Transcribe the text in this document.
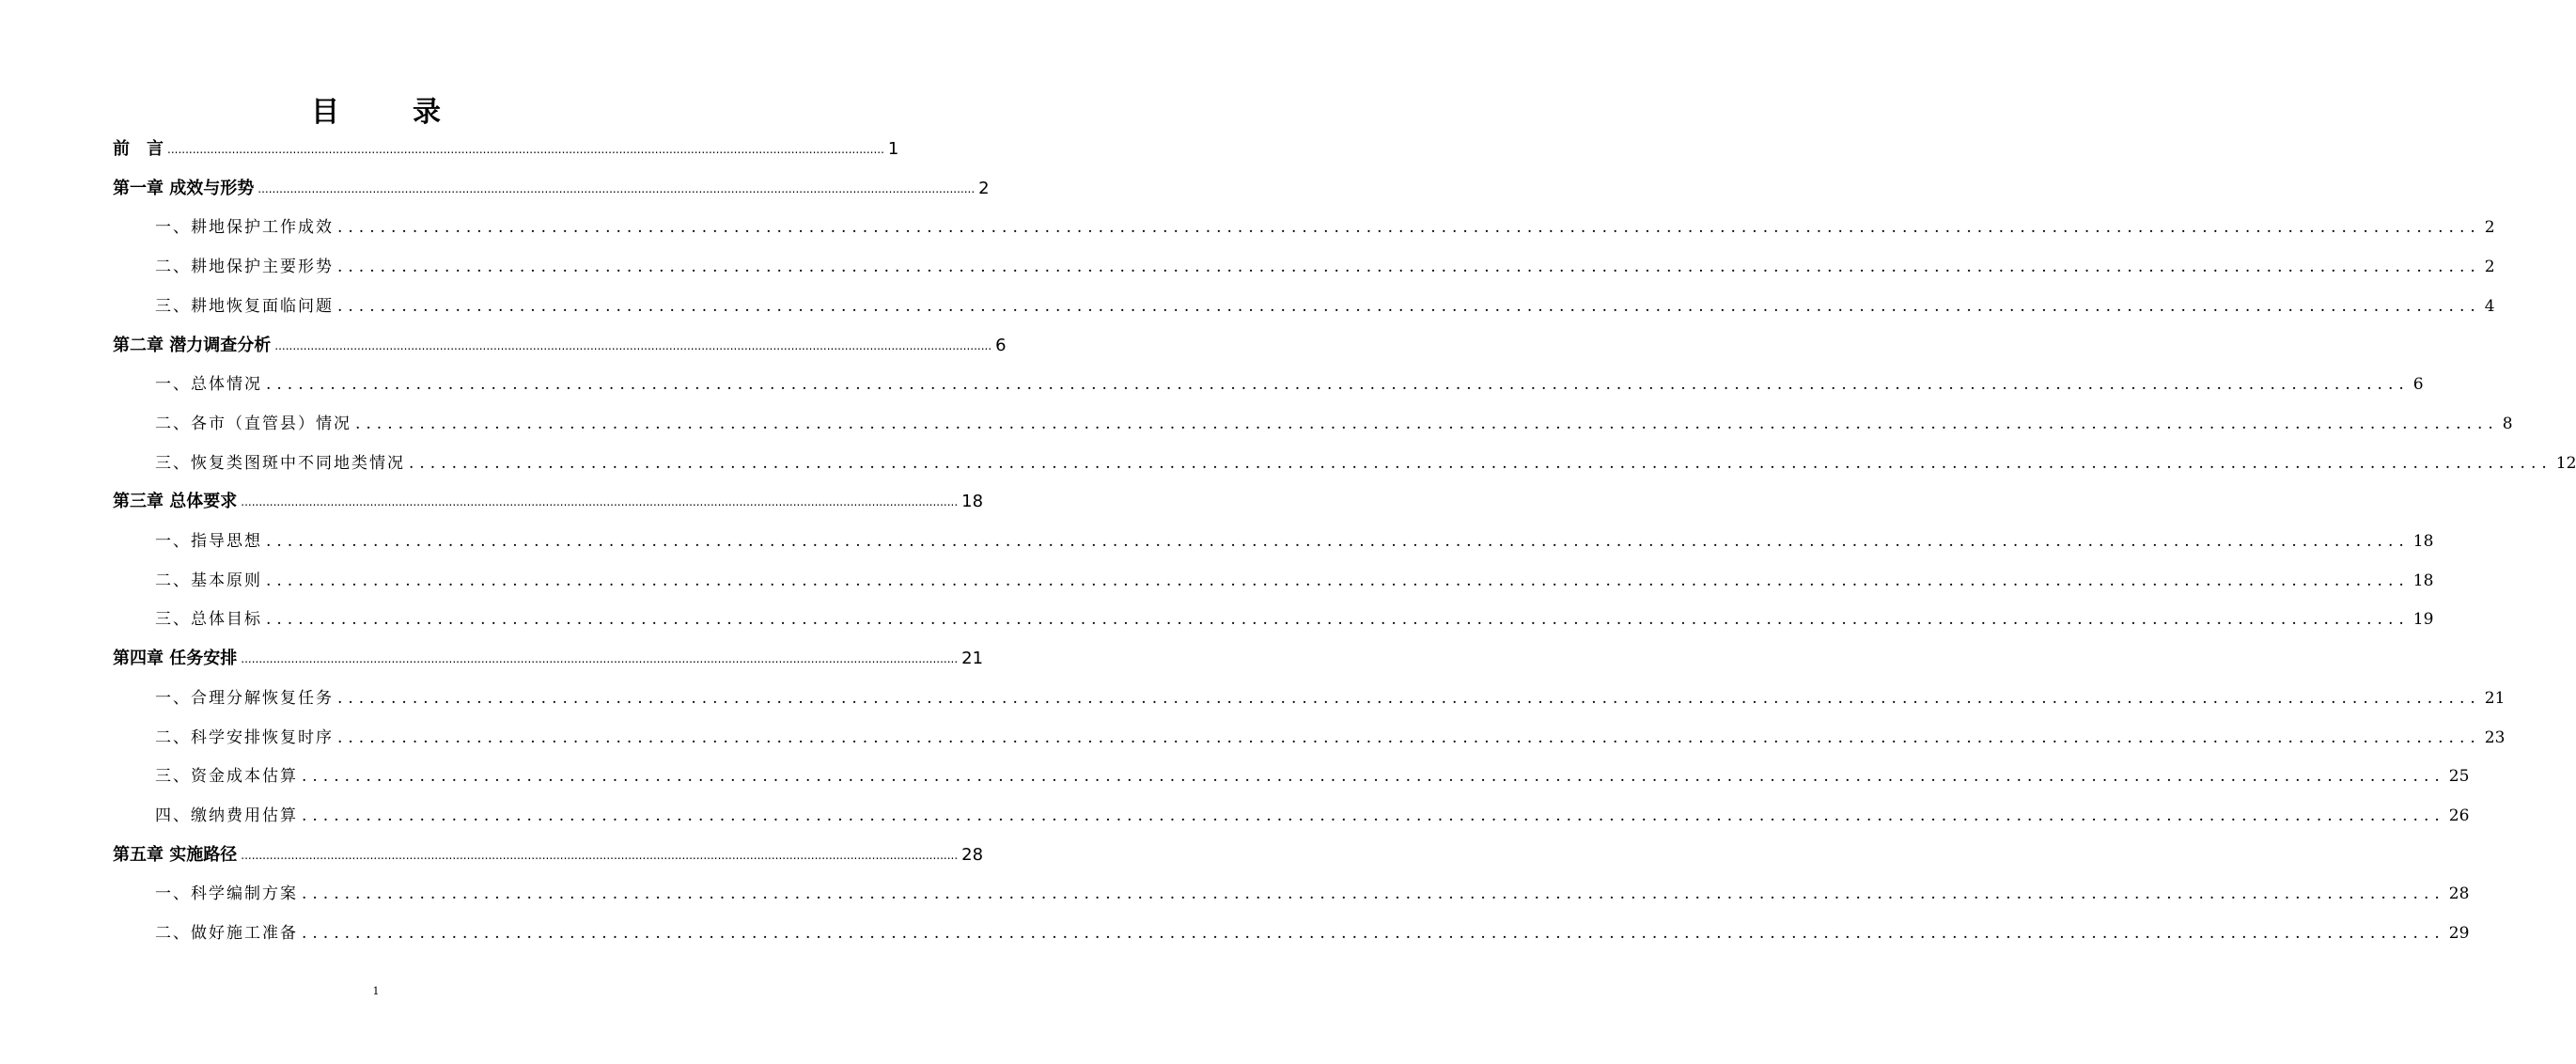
目　录
前　言 ........................................................................................................................................................................................................ 1
第一章 成效与形势 ........................................................................................................................................................................................................ 2
一、耕地保护工作成效 ........................................................................................................................................................................................................ 2
二、耕地保护主要形势 ........................................................................................................................................................................................................ 2
三、耕地恢复面临问题 ........................................................................................................................................................................................................ 4
第二章 潜力调查分析 ........................................................................................................................................................................................................ 6
一、总体情况 ........................................................................................................................................................................................................ 6
二、各市（直管县）情况 ........................................................................................................................................................................................................ 8
三、恢复类图斑中不同地类情况 ........................................................................................................................................................................................................ 12
第三章 总体要求 ........................................................................................................................................................................................................ 18
一、指导思想 ........................................................................................................................................................................................................ 18
二、基本原则 ........................................................................................................................................................................................................ 18
三、总体目标 ........................................................................................................................................................................................................ 19
第四章 任务安排 ........................................................................................................................................................................................................ 21
一、合理分解恢复任务 ........................................................................................................................................................................................................ 21
二、科学安排恢复时序 ........................................................................................................................................................................................................ 23
三、资金成本估算 ........................................................................................................................................................................................................ 25
四、缴纳费用估算 ........................................................................................................................................................................................................ 26
第五章 实施路径 ........................................................................................................................................................................................................ 28
一、科学编制方案 ........................................................................................................................................................................................................ 28
二、做好施工准备 ........................................................................................................................................................................................................ 29
1
